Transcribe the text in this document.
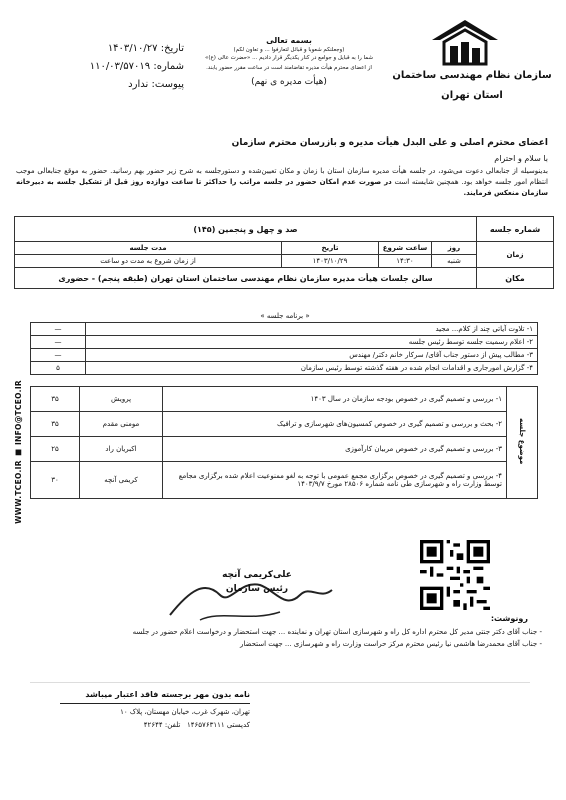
سازمان نظام مهندسی ساختمان
استان تهران
تاریخ: ۱۴۰۳/۱۰/۲۷
شماره: ۱۱۰/۰۳/۵۷۰۱۹
پیوست: ندارد
بسمه تعالی
(وجعلنکم شعوبا و قبائل لتعارفوا ... و تعاون لکم)
شما را به قبایل و جوامع در کنار یکدیگر قرار دادیم ... «حضرت عالی (ع)»
از اعضای محترم هیأت مدیره تقاضامند است در ساعت مقرر حضور یابند.
(هیأت مدیره ی نهم)
اعضای محترم اصلی و علی البدل هیأت مدیره و بازرسان محترم سازمان
با سلام و احترام
بدینوسیله از جنابعالی دعوت می‌شود، در جلسه هیأت مدیره سازمان استان با زمان و مکان تعیین‌شده و دستورجلسه به شرح زیر حضور بهم رسانید. حضور به موقع جنابعالی موجب انتظام امور جلسه خواهد بود. همچنین شایسته است در صورت عدم امکان حضور در جلسه مراتب را حداکثر تا ساعت دوازده روز قبل از تشکیل جلسه به دبیرخانه سازمان منعکس فرمایند.
شماره جلسه	صد و چهل و پنجمین (۱۴۵)			
زمان	روز	ساعت شروع	تاریخ	مدت جلسه
	شنبه	۱۴:۳۰	۱۴۰۳/۱۰/۲۹	از زمان شروع به مدت دو ساعت
مکان	سالن جلسات هیأت مدیره سازمان نظام مهندسی ساختمان استان تهران (طبقه پنجم) - حضوری			
« برنامه جلسه »
۱- تلاوت آیاتی چند از کلام... مجید	—
۲- اعلام رسمیت جلسه توسط رئیس جلسه	—
۳- مطالب پیش از دستور جناب آقای/ سرکار خانم دکتر/ مهندس	—
۴- گزارش امورجاری و اقدامات انجام شده در هفته گذشته توسط رئیس سازمان	۵
موضوع جلسه	۱- بررسی و تصمیم گیری در خصوص بودجه سازمان در سال ۱۴۰۳	پرویش	۳۵
	۲- بحث و بررسی و تصمیم گیری در خصوص کمسیون‌های شهرسازی و ترافیک	مومنی مقدم	۳۵
	۳- بررسی و تصمیم گیری در خصوص مربیان کارآموزی	اکبریان راد	۲۵
	۴- بررسی و تصمیم گیری در خصوص برگزاری مجمع عمومی با توجه به لغو ممنوعیت اعلام شده برگزاری مجامع توسط وزارت راه و شهرسازی طی نامه شماره ۲۸۵۰۶ مورخ ۱۴۰۳/۹/۷	کریمی آنچه	۳۰
علی‌کریمی آنچه
رئیس سازمان
رونوشت:
- جناب آقای دکتر جنتی مدیر کل محترم اداره کل راه و شهرسازی استان تهران و نماینده ... جهت استحضار و درخواست اعلام حضور در جلسه
- جناب آقای محمدرضا هاشمی نیا رئیس محترم مرکز حراست وزارت راه و شهرسازی ... جهت استحضار
WWW.TCEO.IR ■ INFO@TCEO.IR
نامه بدون مهر برجسته فاقد اعتبار میباشد
تهران، شهرک غرب، خیابان مهستان، پلاک ۱۰
کدپستی ۱۴۶۵۷۶۳۱۱۱   تلفن: ۴۲۶۴۴
